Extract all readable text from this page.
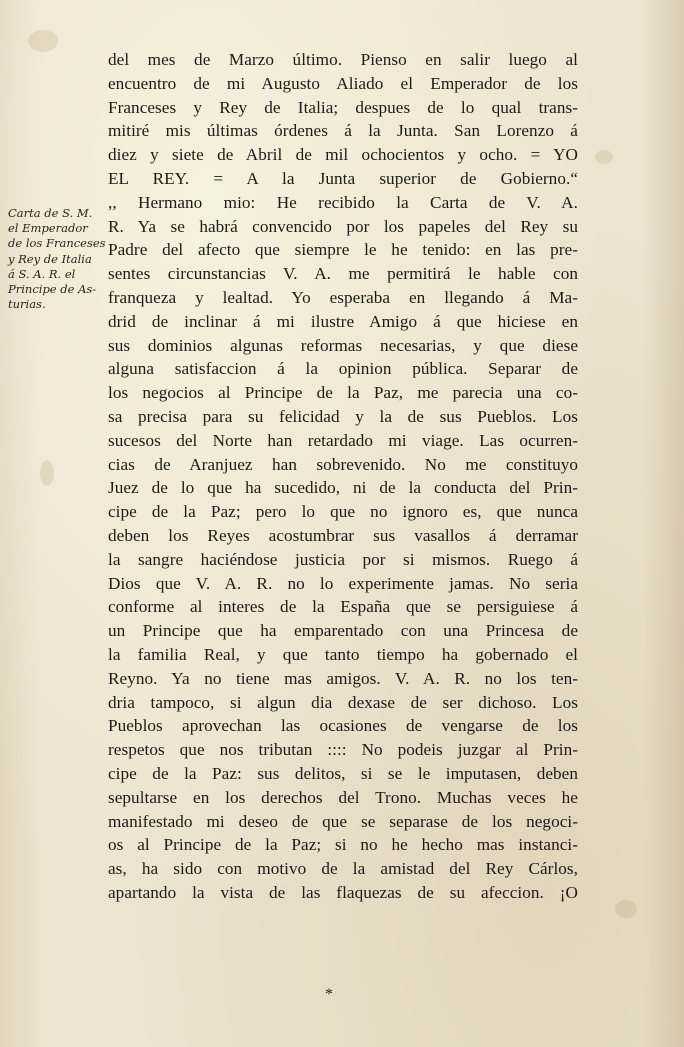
Carta de S. M.
el Emperador
de los Franceses
y Rey de Italia
á S. A. R. el
Principe de As-
turias.
del mes de Marzo último. Pienso en salir luego al
encuentro de mi Augusto Aliado el Emperador de los
Franceses y Rey de Italia; despues de lo qual trans-
mitiré mis últimas órdenes á la Junta. San Lorenzo á
diez y siete de Abril de mil ochocientos y ocho. = YO
EL REY. = A la Junta superior de Gobierno.“
,, Hermano mio: He recibido la Carta de V. A.
R. Ya se habrá convencido por los papeles del Rey su
Padre del afecto que siempre le he tenido: en las pre-
sentes circunstancias V. A. me permitirá le hable con
franqueza y lealtad. Yo esperaba en llegando á Ma-
drid de inclinar á mi ilustre Amigo á que hiciese en
sus dominios algunas reformas necesarias, y que diese
alguna satisfaccion á la opinion pública. Separar de
los negocios al Principe de la Paz, me parecia una co-
sa precisa para su felicidad y la de sus Pueblos. Los
sucesos del Norte han retardado mi viage. Las ocurren-
cias de Aranjuez han sobrevenido. No me constituyo
Juez de lo que ha sucedido, ni de la conducta del Prin-
cipe de la Paz; pero lo que no ignoro es, que nunca
deben los Reyes acostumbrar sus vasallos á derramar
la sangre haciéndose justicia por si mismos. Ruego á
Dios que V. A. R. no lo experimente jamas. No seria
conforme al interes de la España que se persiguiese á
un Principe que ha emparentado con una Princesa de
la familia Real, y que tanto tiempo ha gobernado el
Reyno. Ya no tiene mas amigos. V. A. R. no los ten-
dria tampoco, si algun dia dexase de ser dichoso. Los
Pueblos aprovechan las ocasiones de vengarse de los
respetos que nos tributan :::: No podeis juzgar al Prin-
cipe de la Paz: sus delitos, si se le imputasen, deben
sepultarse en los derechos del Trono. Muchas veces he
manifestado mi deseo de que se separase de los negoci-
os al Principe de la Paz; si no he hecho mas instanci-
as, ha sido con motivo de la amistad del Rey Cárlos,
apartando la vista de las flaquezas de su afeccion. ¡O
*
